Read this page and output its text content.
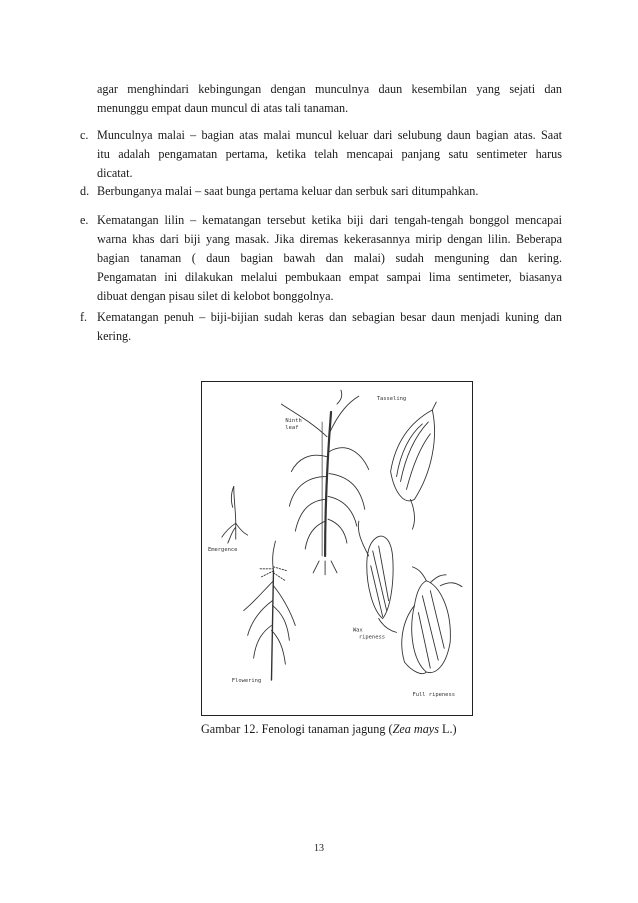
agar menghindari kebingungan dengan munculnya daun kesembilan yang sejati dan
menunggu empat daun muncul di atas tali tanaman.
c. Munculnya malai – bagian atas malai muncul keluar dari selubung daun bagian atas. Saat
itu adalah pengamatan pertama, ketika telah mencapai panjang satu sentimeter harus
dicatat.
d. Berbunganya malai – saat bunga pertama keluar dan serbuk sari ditumpahkan.
e. Kematangan lilin – kematangan tersebut ketika biji dari tengah-tengah bonggol mencapai
warna khas dari biji yang masak. Jika diremas kekerasannya mirip dengan lilin. Beberapa
bagian tanaman ( daun bagian bawah dan malai) sudah menguning dan kering.
Pengamatan ini dilakukan melalui pembukaan empat sampai lima sentimeter, biasanya
dibuat dengan pisau silet di kelobot bonggolnya.
f. Kematangan penuh – biji-bijian sudah keras dan sebagian besar daun menjadi kuning dan
kering.
Ninth
leaf
Tasseling
Emergence
Wax
ripeness
Flowering
Full ripeness
Gambar 12. Fenologi tanaman jagung (Zea mays L.)
13
